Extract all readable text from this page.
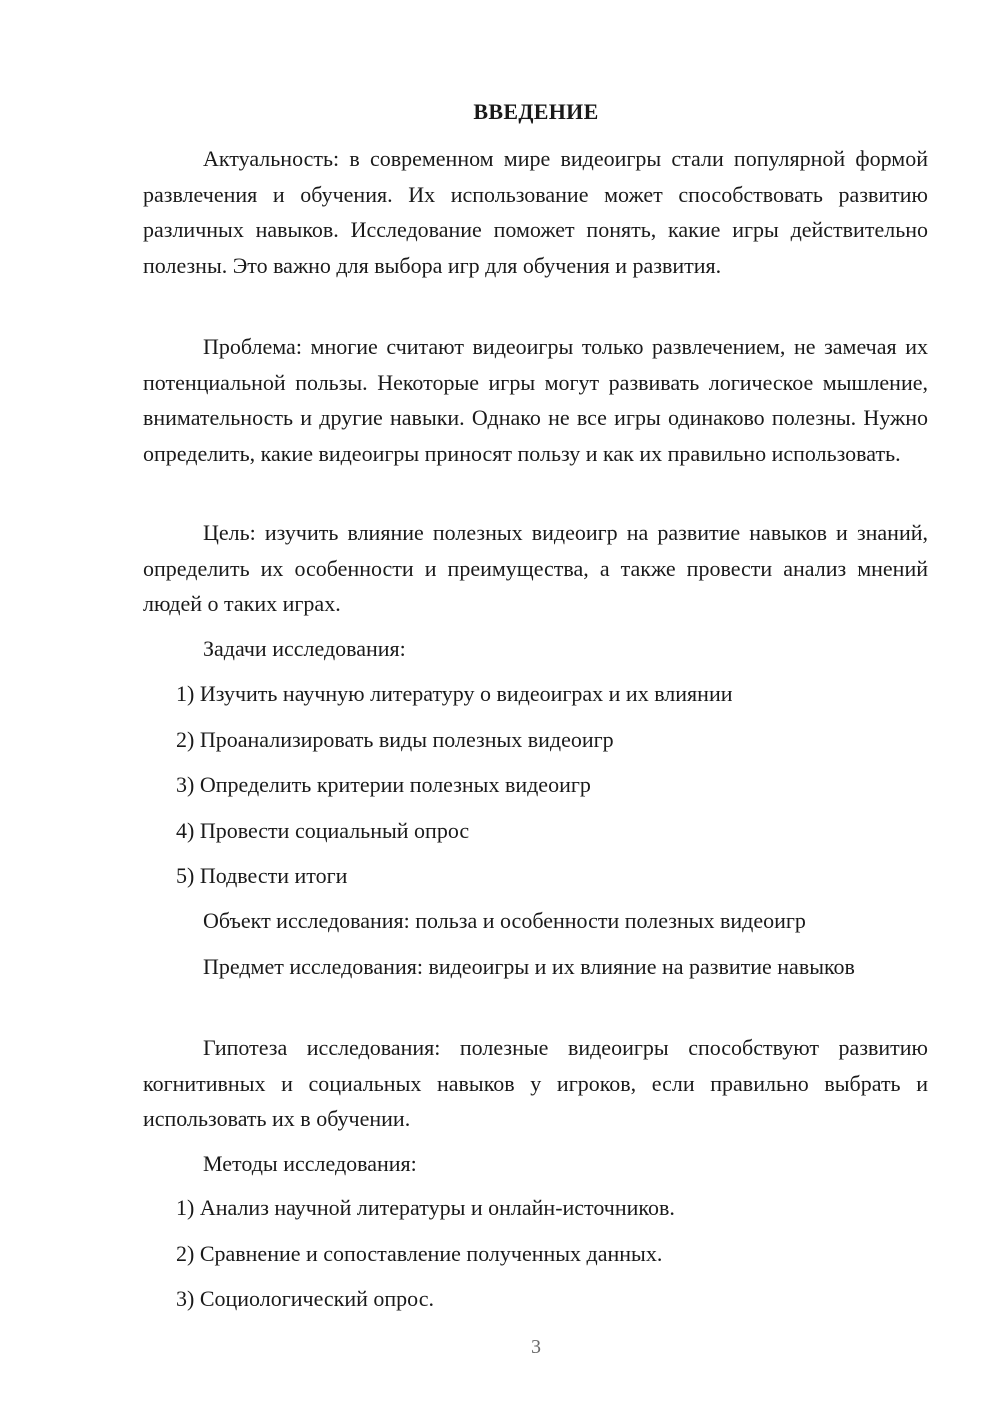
ВВЕДЕНИЕ

Актуальность: в современном мире видеоигры стали популярной формой развлечения и обучения. Их использование может способствовать развитию различных навыков. Исследование поможет понять, какие игры действительно полезны. Это важно для выбора игр для обучения и развития.

Проблема: многие считают видеоигры только развлечением, не замечая их потенциальной пользы. Некоторые игры могут развивать логическое мышление, внимательность и другие навыки. Однако не все игры одинаково полезны. Нужно определить, какие видеоигры приносят пользу и как их правильно использовать.

Цель: изучить влияние полезных видеоигр на развитие навыков и знаний, определить их особенности и преимущества, а также провести анализ мнений людей о таких играх.

Задачи исследования:

1) Изучить научную литературу о видеоиграх и их влиянии

2) Проанализировать виды полезных видеоигр

3) Определить критерии полезных видеоигр

4) Провести социальный опрос

5) Подвести итоги

Объект исследования: польза и особенности полезных видеоигр

Предмет исследования: видеоигры и их влияние на развитие навыков

Гипотеза исследования: полезные видеоигры способствуют развитию когнитивных и социальных навыков у игроков, если правильно выбрать и использовать их в обучении.

Методы исследования:

1) Анализ научной литературы и онлайн-источников.

2) Сравнение и сопоставление полученных данных.

3) Социологический опрос.

3
